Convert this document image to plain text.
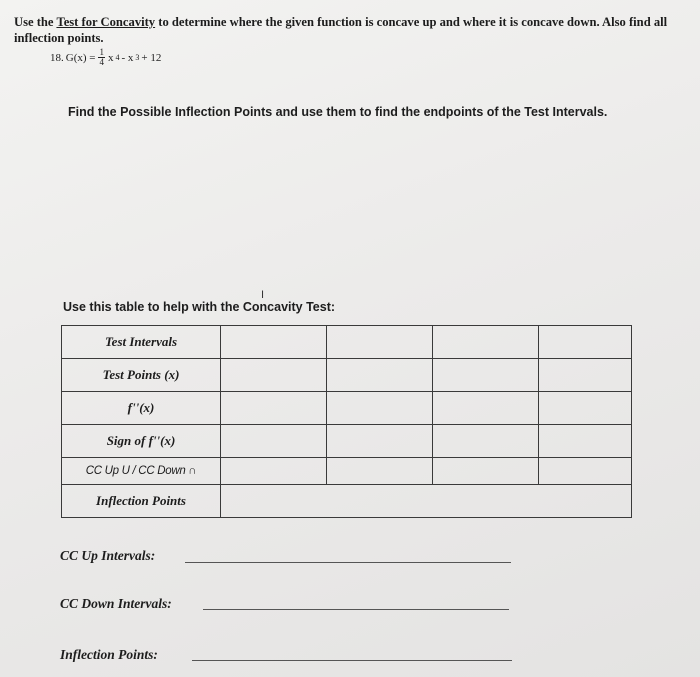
Use the Test for Concavity to determine where the given function is concave up and where it is concave down. Also find all inflection points.
18. $G(x) = \frac{1}{4}$ x 4 - x 3 + 12
Find the Possible Inflection Points and use them to find the endpoints of the Test Intervals.
Use this table to help with the Concavity Test:
I
Test Intervals				
Test Points (x)				
f''(x)				
Sign of f''(x)				
CC Up U / CC Down ∩				
Inflection Points				
CC Up Intervals:
CC Down Intervals:
Inflection Points:
